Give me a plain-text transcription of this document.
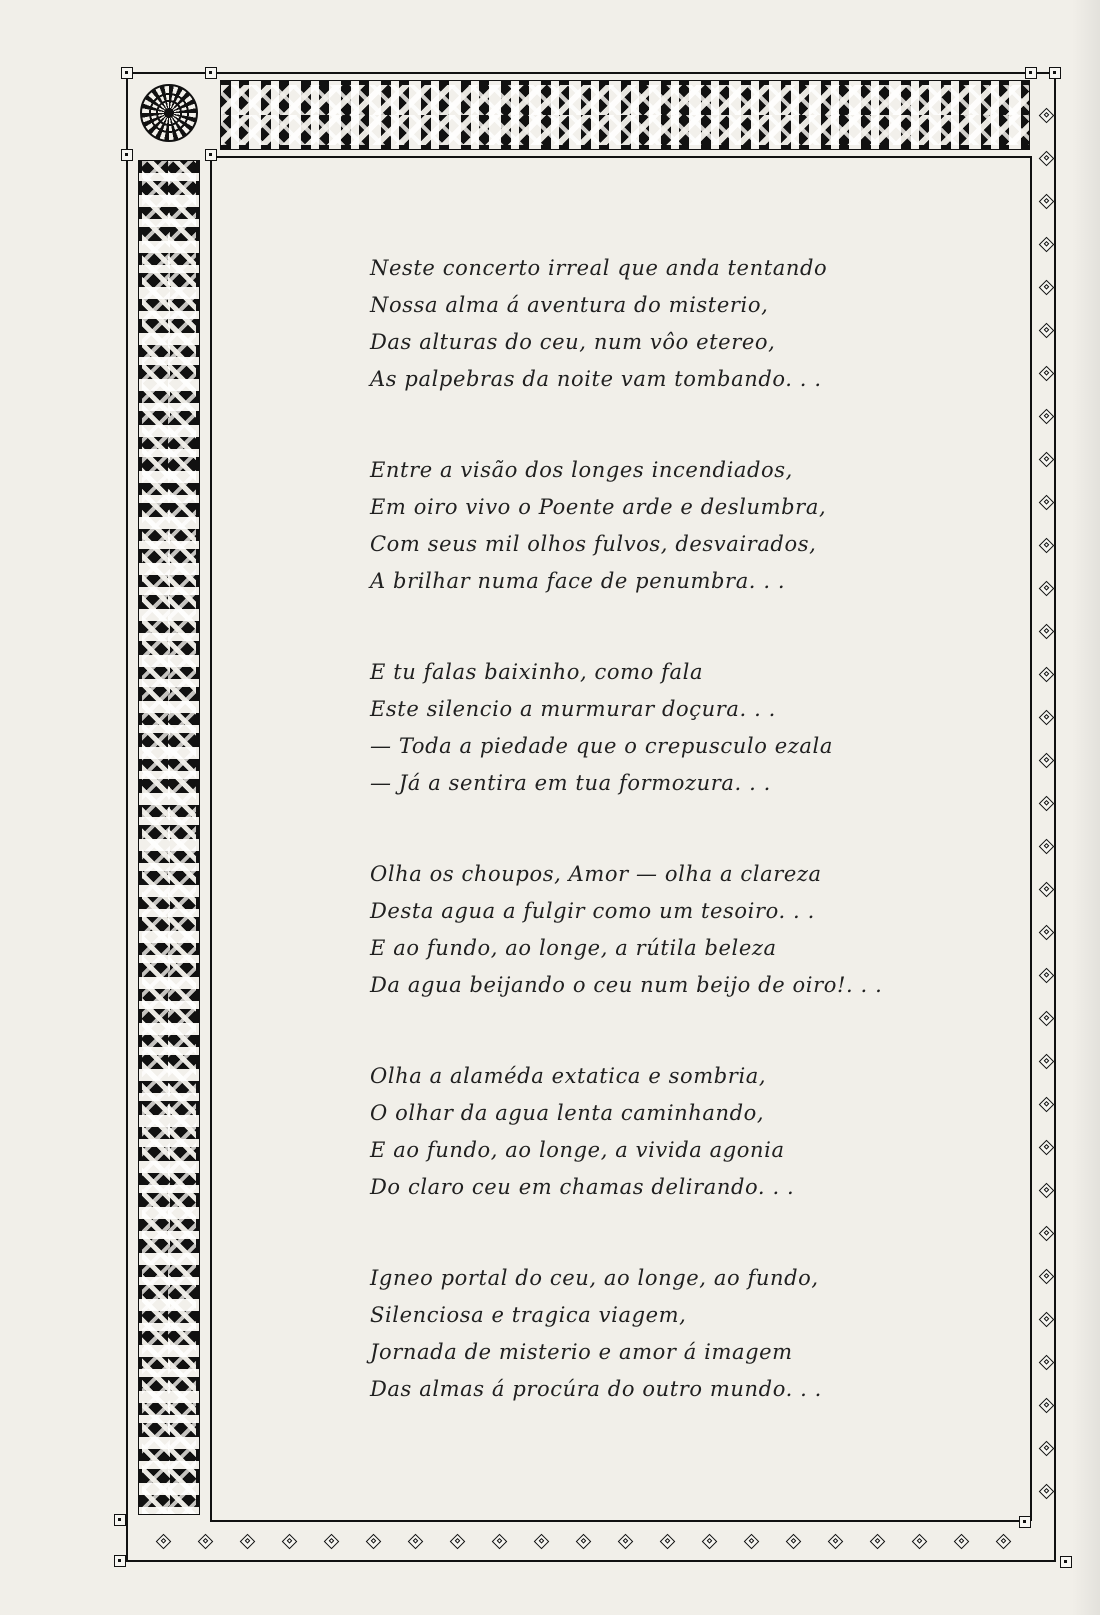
Neste concerto irreal que anda tentando
Nossa alma á aventura do misterio,
Das alturas do ceu, num vôo etereo,
As palpebras da noite vam tombando. . .
Entre a visão dos longes incendiados,
Em oiro vivo o Poente arde e deslumbra,
Com seus mil olhos fulvos, desvairados,
A brilhar numa face de penumbra. . .
E tu falas baixinho, como fala
Este silencio a murmurar doçura. . .
— Toda a piedade que o crepusculo ezala
— Já a sentira em tua formozura. . .
Olha os choupos, Amor — olha a clareza
Desta agua a fulgir como um tesoiro. . .
E ao fundo, ao longe, a rútila beleza
Da agua beijando o ceu num beijo de oiro!. . .
Olha a alaméda extatica e sombria,
O olhar da agua lenta caminhando,
E ao fundo, ao longe, a vivida agonia
Do claro ceu em chamas delirando. . .
Igneo portal do ceu, ao longe, ao fundo,
Silenciosa e tragica viagem,
Jornada de misterio e amor á imagem
Das almas á procúra do outro mundo. . .
